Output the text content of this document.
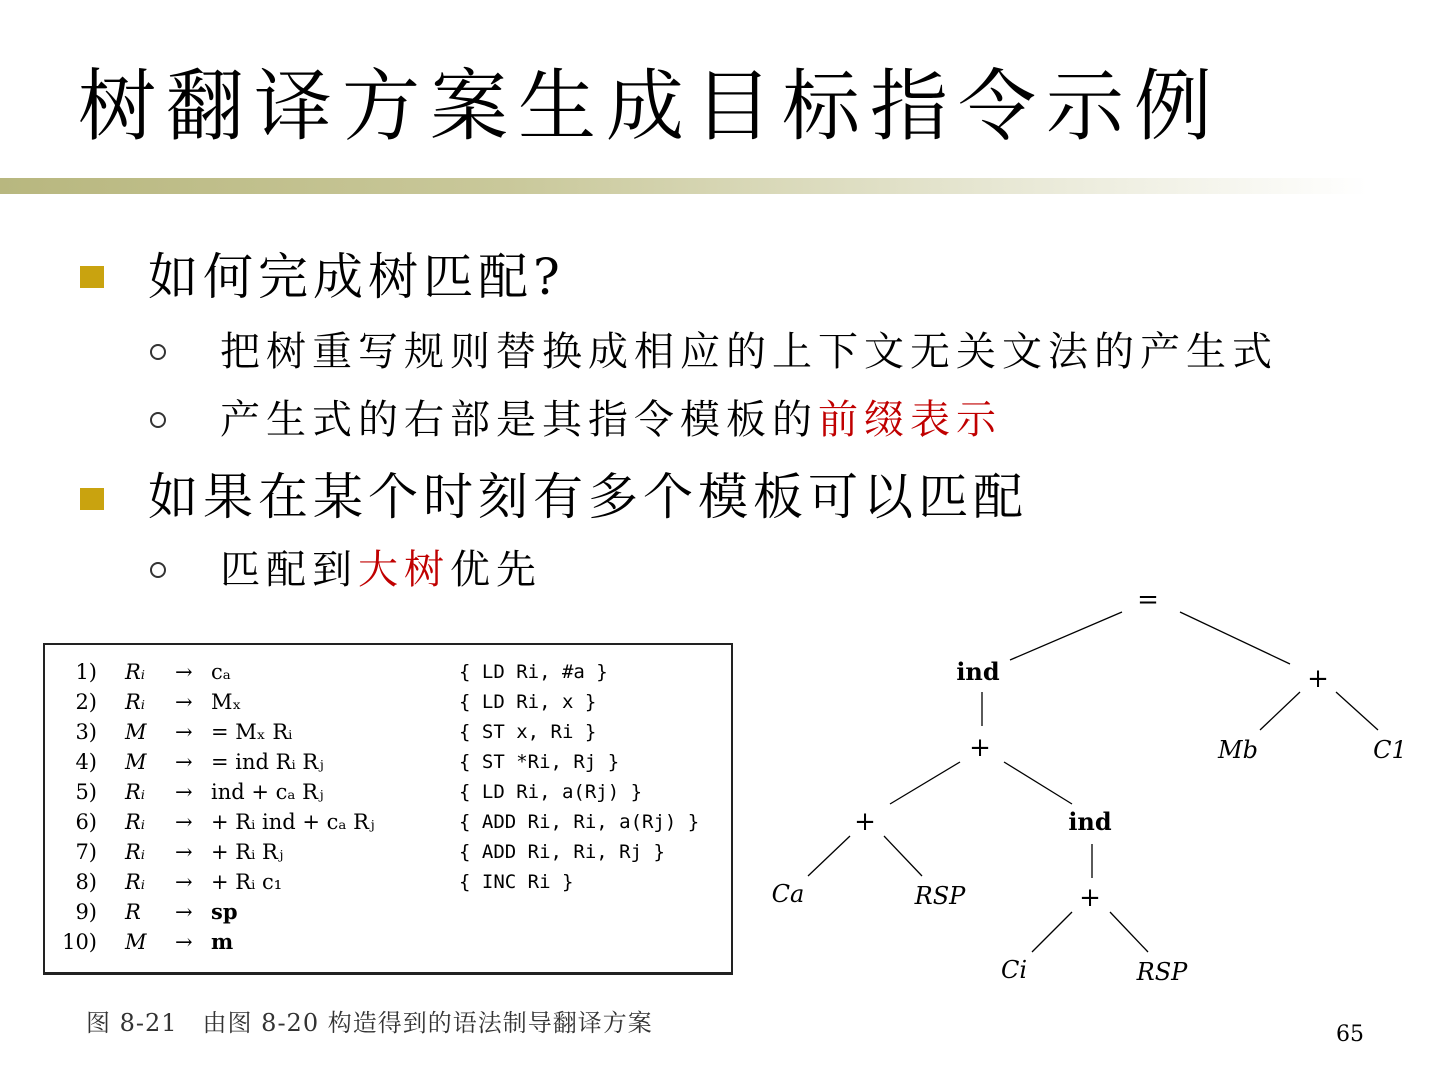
树翻译方案生成目标指令示例
如何完成树匹配?
把树重写规则替换成相应的上下文无关文法的产生式
产生式的右部是其指令模板的前缀表示
如果在某个时刻有多个模板可以匹配
匹配到大树优先
1) Rᵢ → cₐ	{ LD Ri, #a }
2) Rᵢ → Mₓ	{ LD Ri, x }
3) M → = Mₓ Rᵢ	{ ST x, Ri }
4) M → = ind Rᵢ Rⱼ	{ ST *Ri, Rj }
5) Rᵢ → ind + cₐ Rⱼ	{ LD Ri, a(Rj) }
6) Rᵢ → + Rᵢ ind + cₐ Rⱼ	{ ADD Ri, Ri, a(Rj) }
7) Rᵢ → + Rᵢ Rⱼ	{ ADD Ri, Ri, Rj }
8) Rᵢ → + Rᵢ c₁	{ INC Ri }
9) R → sp
10) M → m
图 8-21　由图 8-20 构造得到的语法制导翻译方案
=
ind	+
Mb	C1
+
+	ind
Ca	RSP	+
Ci	RSP
65
